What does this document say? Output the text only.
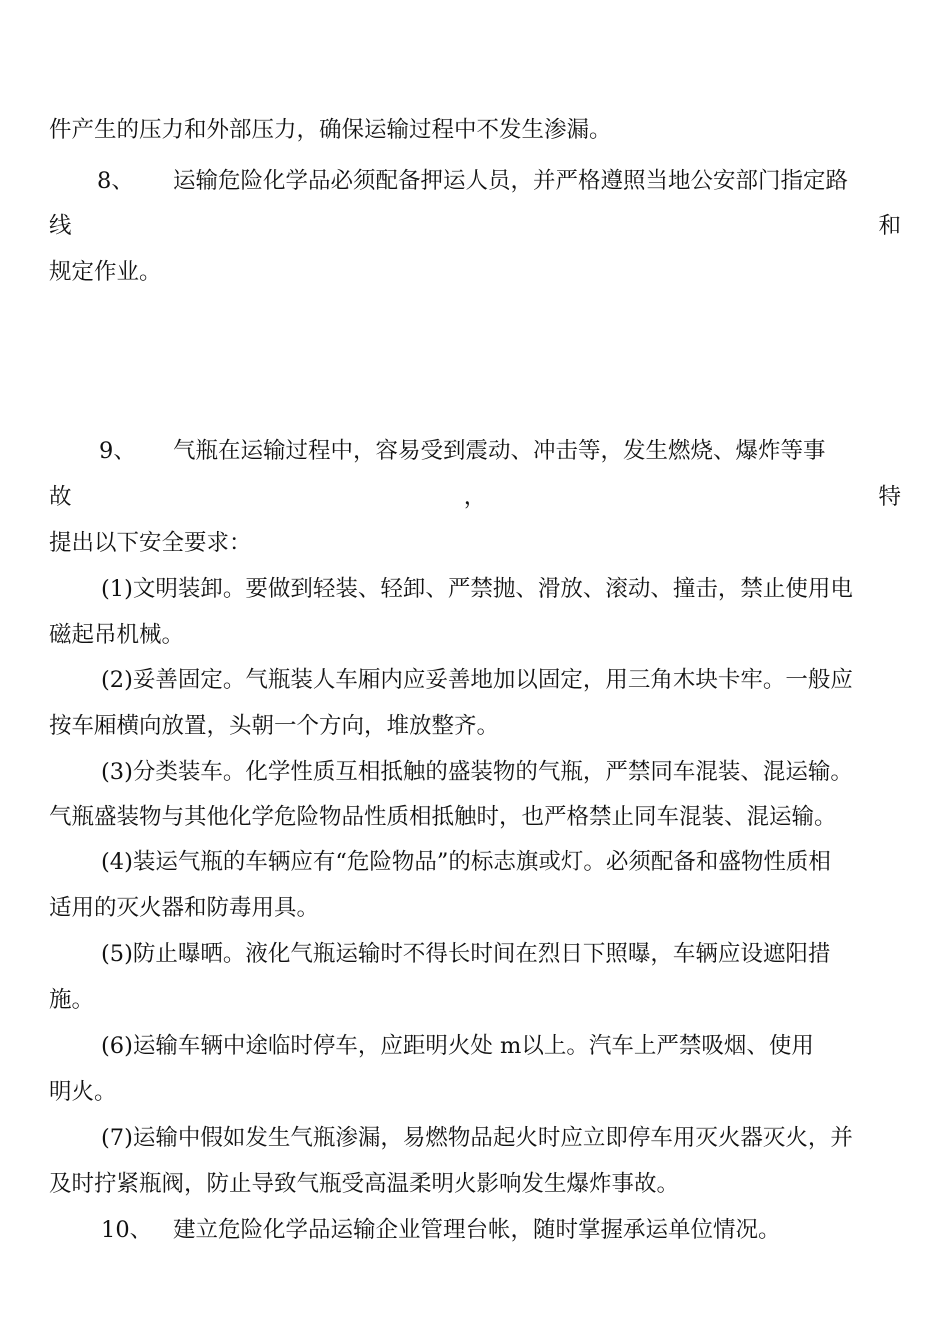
件产生的压力和外部压力，确保运输过程中不发生渗漏。
8、 运输危险化学品必须配备押运人员，并严格遵照当地公安部门指定路
线	和
规定作业。
9、 气瓶在运输过程中，容易受到震动、冲击等，发生燃烧、爆炸等事
故	，	特
提出以下安全要求：
(1)文明装卸。要做到轻装、轻卸、严禁抛、滑放、滚动、撞击，禁止使用电
磁起吊机械。
(2)妥善固定。气瓶装人车厢内应妥善地加以固定，用三角木块卡牢。一般应
按车厢横向放置，头朝一个方向，堆放整齐。
(3)分类装车。化学性质互相抵触的盛装物的气瓶，严禁同车混装、混运输。
气瓶盛装物与其他化学危险物品性质相抵触时，也严格禁止同车混装、混运输。
(4)装运气瓶的车辆应有“危险物品”的标志旗或灯。必须配备和盛物性质相
适用的灭火器和防毒用具。
(5)防止曝晒。液化气瓶运输时不得长时间在烈日下照曝，车辆应设遮阳措
施。
(6)运输车辆中途临时停车，应距明火处 m以上。汽车上严禁吸烟、使用
明火。
(7)运输中假如发生气瓶渗漏，易燃物品起火时应立即停车用灭火器灭火，并
及时拧紧瓶阀，防止导致气瓶受高温柔明火影响发生爆炸事故。
10、 建立危险化学品运输企业管理台帐，随时掌握承运单位情况。
